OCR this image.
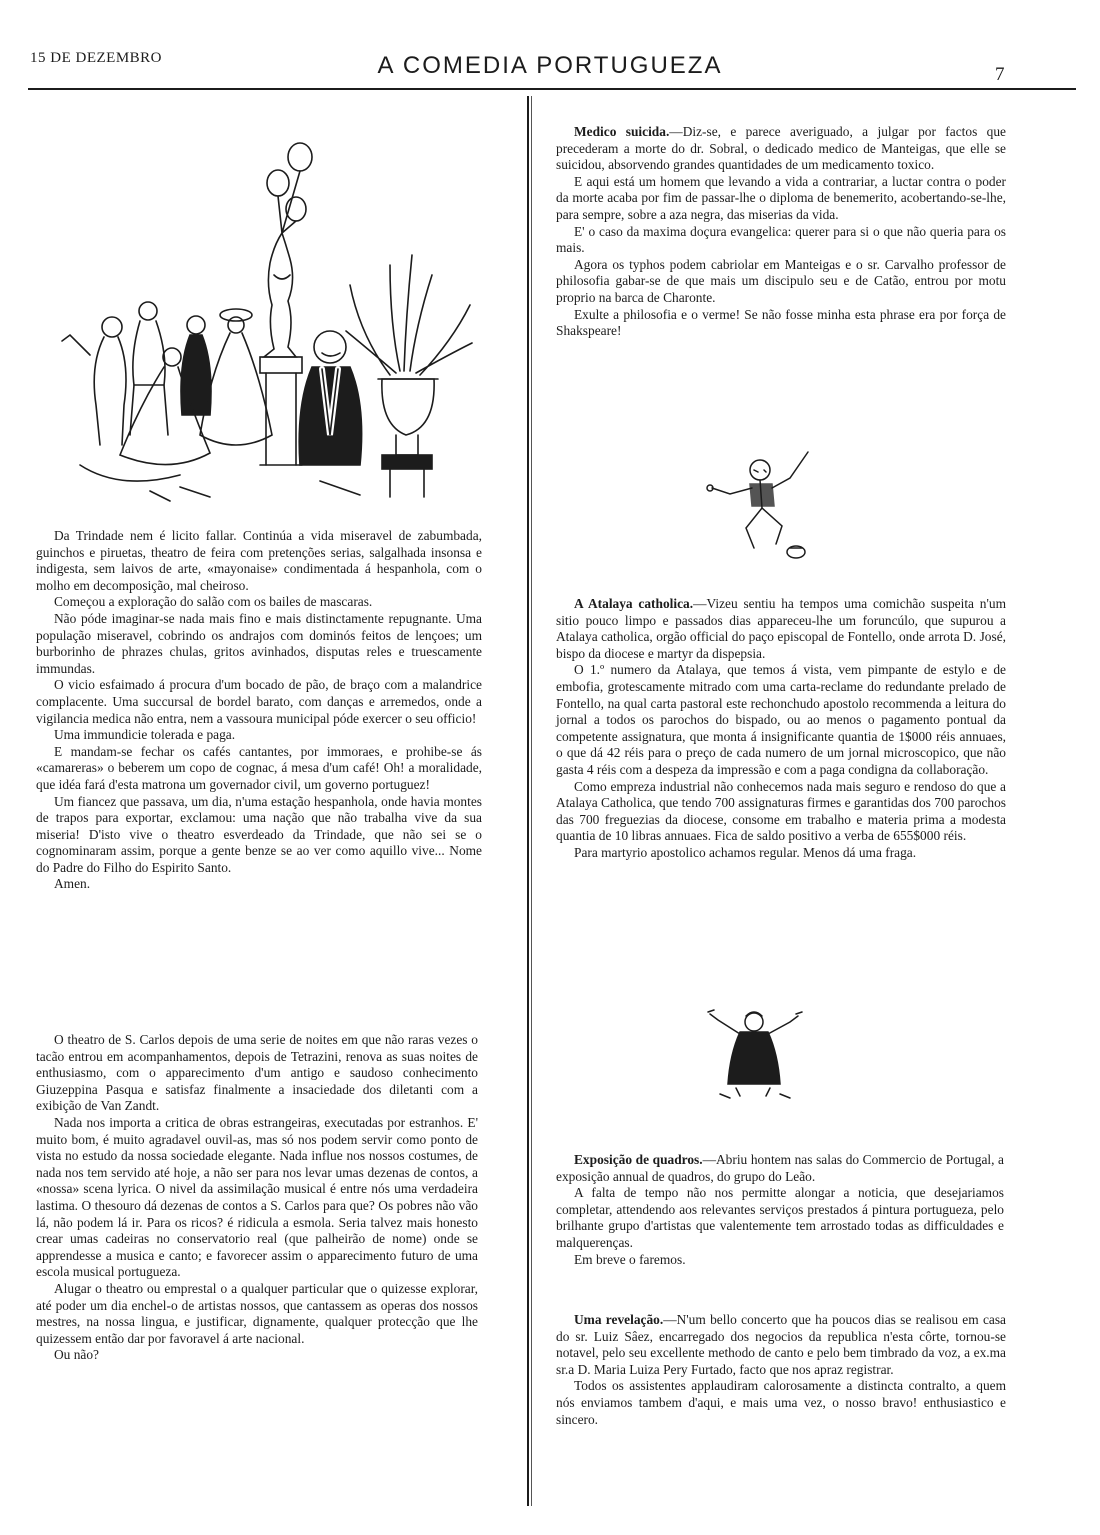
15 DE DEZEMBRO	A COMEDIA PORTUGUEZA	7

Da Trindade nem é licito fallar. Continúa a vida miseravel de zabumbada, guinchos e piruetas, theatro de feira com pretenções serias, salgalhada insonsa e indigesta, sem laivos de arte, «mayonaise» condimentada á hespanhola, com o molho em decomposição, mal cheiroso.

Começou a exploração do salão com os bailes de mascaras.

Não póde imaginar-se nada mais fino e mais distinctamente repugnante. Uma população miseravel, cobrindo os andrajos com dominós feitos de lençoes; um burborinho de phrazes chulas, gritos avinhados, disputas reles e truescamente immundas.

O vicio esfaimado á procura d'um bocado de pão, de braço com a malandrice complacente. Uma succursal de bordel barato, com danças e arremedos, onde a vigilancia medica não entra, nem a vassoura municipal póde exercer o seu officio!

Uma immundicie tolerada e paga.

E mandam-se fechar os cafés cantantes, por immoraes, e prohibe-se ás «camareras» o beberem um copo de cognac, á mesa d'um café! Oh! a moralidade, que idéa fará d'esta matrona um governador civil, um governo portuguez!

Um fiancez que passava, um dia, n'uma estação hespanhola, onde havia montes de trapos para exportar, exclamou: uma nação que não trabalha vive da sua miseria! D'isto vive o theatro esverdeado da Trindade, que não sei se o cognominaram assim, porque a gente benze se ao ver como aquillo vive... Nome do Padre do Filho do Espirito Santo.

Amen.

O theatro de S. Carlos depois de uma serie de noites em que não raras vezes o tacão entrou em acompanhamentos, depois de Tetrazini, renova as suas noites de enthusiasmo, com o apparecimento d'um antigo e saudoso conhecimento Giuzeppina Pasqua e satisfaz finalmente a insaciedade dos diletanti com a exibição de Van Zandt.

Nada nos importa a critica de obras estrangeiras, executadas por estranhos. E' muito bom, é muito agradavel ouvil-as, mas só nos podem servir como ponto de vista no estudo da nossa sociedade elegante. Nada influe nos nossos costumes, de nada nos tem servido até hoje, a não ser para nos levar umas dezenas de contos, a «nossa» scena lyrica. O nivel da assimilação musical é entre nós uma verdadeira lastima. O thesouro dá dezenas de contos a S. Carlos para que? Os pobres não vão lá, não podem lá ir. Para os ricos? é ridicula a esmola. Seria talvez mais honesto crear umas cadeiras no conservatorio real (que palheirão de nome) onde se apprendesse a musica e canto; e favorecer assim o apparecimento futuro de uma escola musical portugueza.

Alugar o theatro ou emprestal o a qualquer particular que o quizesse explorar, até poder um dia enchel-o de artistas nossos, que cantassem as operas dos nossos mestres, na nossa lingua, e justificar, dignamente, qualquer protecção que lhe quizessem então dar por favoravel á arte nacional.

Ou não?

Medico suicida.—Diz-se, e parece averiguado, a julgar por factos que precederam a morte do dr. Sobral, o dedicado medico de Manteigas, que elle se suicidou, absorvendo grandes quantidades de um medicamento toxico.

E aqui está um homem que levando a vida a contrariar, a luctar contra o poder da morte acaba por fim de passar-lhe o diploma de benemerito, acobertando-se-lhe, para sempre, sobre a aza negra, das miserias da vida.

E' o caso da maxima doçura evangelica: querer para si o que não queria para os mais.

Agora os typhos podem cabriolar em Manteigas e o sr. Carvalho professor de philosofia gabar-se de que mais um discipulo seu e de Catão, entrou por motu proprio na barca de Charonte.

Exulte a philosofia e o verme! Se não fosse minha esta phrase era por força de Shakspeare!

A Atalaya catholica.—Vizeu sentiu ha tempos uma comichão suspeita n'um sitio pouco limpo e passados dias appareceu-lhe um foruncúlo, que supurou a Atalaya catholica, orgão official do paço episcopal de Fontello, onde arrota D. José, bispo da diocese e martyr da dispepsia.

O 1.º numero da Atalaya, que temos á vista, vem pimpante de estylo e de embofia, grotescamente mitrado com uma carta-reclame do redundante prelado de Fontello, na qual carta pastoral este rechonchudo apostolo recommenda a leitura do jornal a todos os parochos do bispado, ou ao menos o pagamento pontual da competente assignatura, que monta á insignificante quantia de 1$000 réis annuaes, o que dá 42 réis para o preço de cada numero de um jornal microscopico, que não gasta 4 réis com a despeza da impressão e com a paga condigna da collaboração.

Como empreza industrial não conhecemos nada mais seguro e rendoso do que a Atalaya Catholica, que tendo 700 assignaturas firmes e garantidas dos 700 parochos das 700 freguezias da diocese, consome em trabalho e materia prima a modesta quantia de 10 libras annuaes. Fica de saldo positivo a verba de 655$000 réis.

Para martyrio apostolico achamos regular. Menos dá uma fraga.

Exposição de quadros.—Abriu hontem nas salas do Commercio de Portugal, a exposição annual de quadros, do grupo do Leão.

A falta de tempo não nos permitte alongar a noticia, que desejariamos completar, attendendo aos relevantes serviços prestados á pintura portugueza, pelo brilhante grupo d'artistas que valentemente tem arrostado todas as difficuldades e malquerenças.

Em breve o faremos.

Uma revelação.—N'um bello concerto que ha poucos dias se realisou em casa do sr. Luiz Sâez, encarregado dos negocios da republica n'esta côrte, tornou-se notavel, pelo seu excellente methodo de canto e pelo bem timbrado da voz, a ex.ma sr.a D. Maria Luiza Pery Furtado, facto que nos apraz registrar.

Todos os assistentes applaudiram calorosamente a distincta contralto, a quem nós enviamos tambem d'aqui, e mais uma vez, o nosso bravo! enthusiastico e sincero.
